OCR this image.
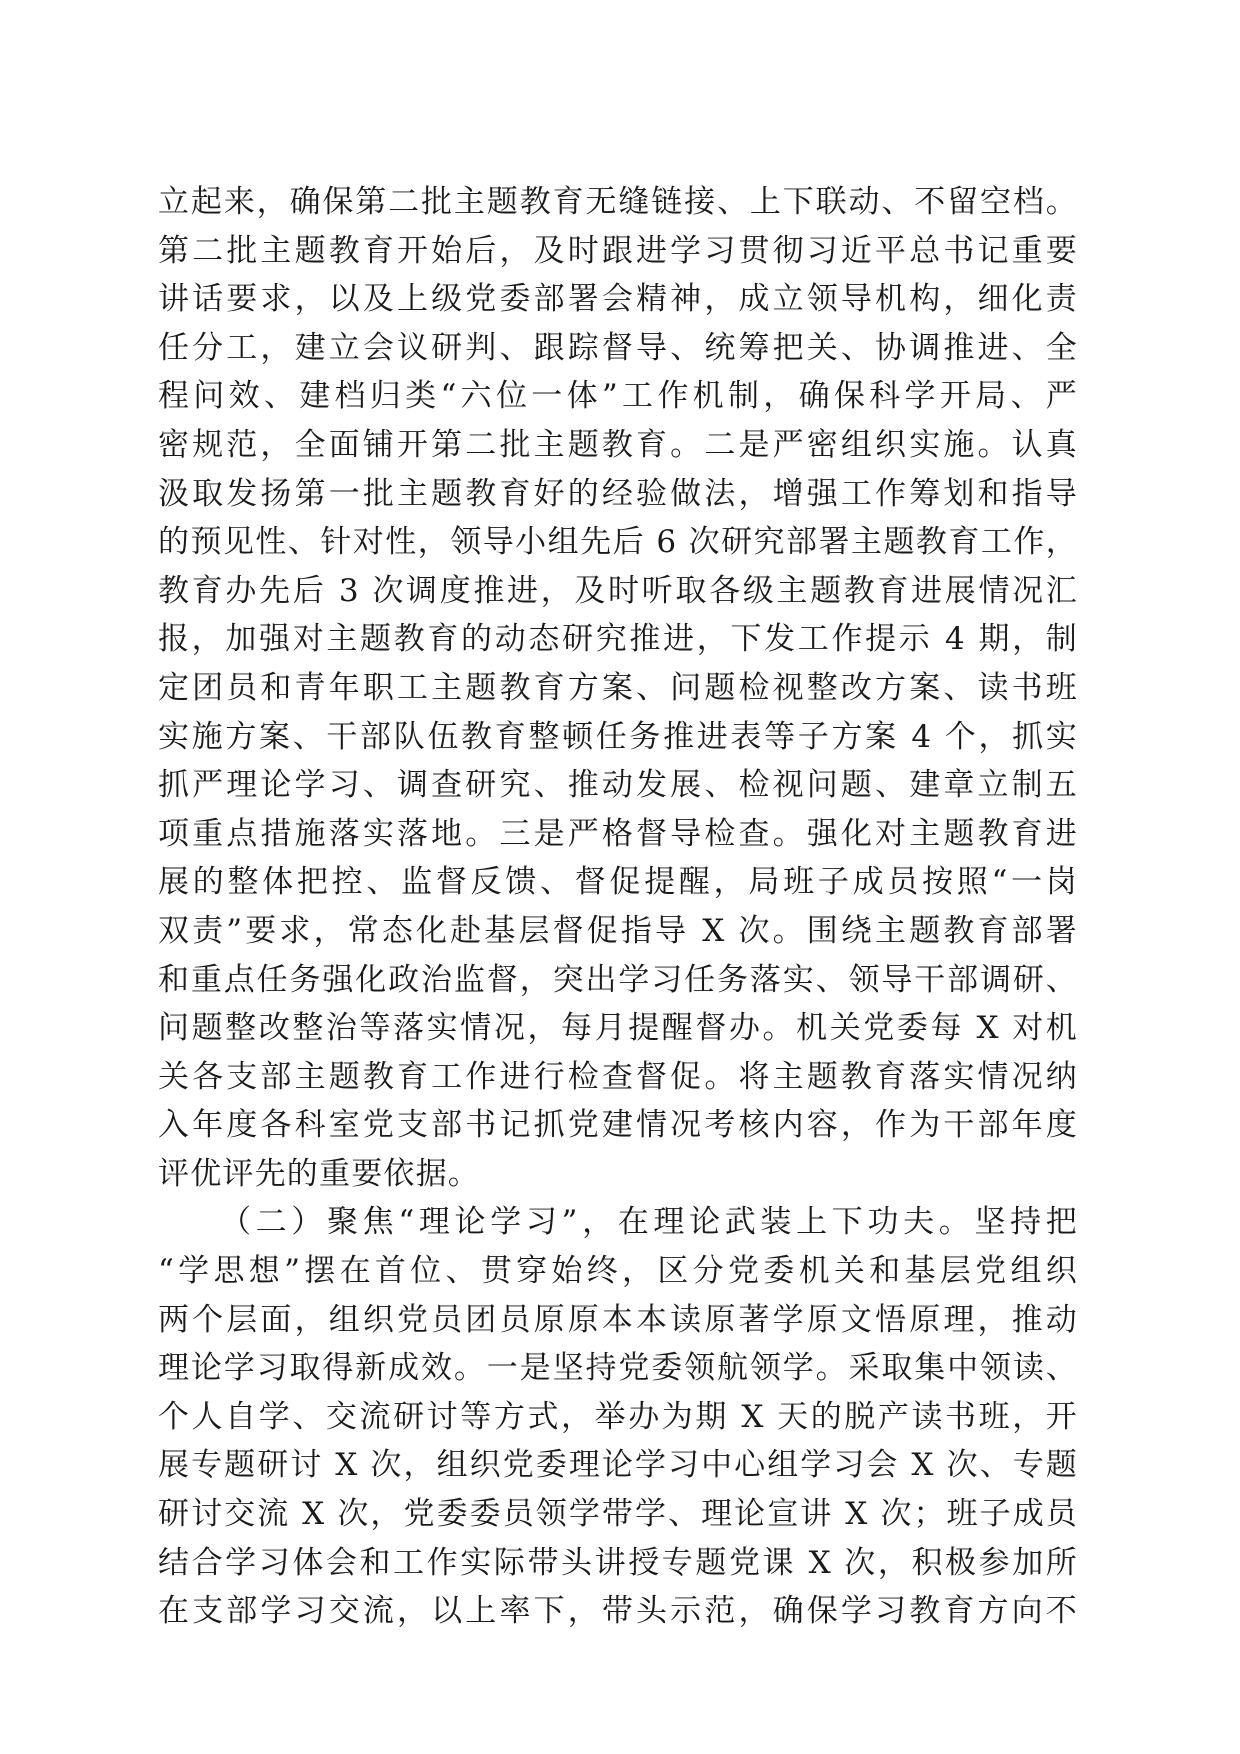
立起来，确保第二批主题教育无缝链接、上下联动、不留空档。
第二批主题教育开始后，及时跟进学习贯彻习近平总书记重要
讲话要求，以及上级党委部署会精神，成立领导机构，细化责
任分工，建立会议研判、跟踪督导、统筹把关、协调推进、全
程问效、建档归类“六位一体”工作机制，确保科学开局、严
密规范，全面铺开第二批主题教育。二是严密组织实施。认真
汲取发扬第一批主题教育好的经验做法，增强工作筹划和指导
的预见性、针对性，领导小组先后 6 次研究部署主题教育工作，
教育办先后 3 次调度推进，及时听取各级主题教育进展情况汇
报，加强对主题教育的动态研究推进，下发工作提示 4 期，制
定团员和青年职工主题教育方案、问题检视整改方案、读书班
实施方案、干部队伍教育整顿任务推进表等子方案 4 个，抓实
抓严理论学习、调查研究、推动发展、检视问题、建章立制五
项重点措施落实落地。三是严格督导检查。强化对主题教育进
展的整体把控、监督反馈、督促提醒，局班子成员按照“一岗
双责”要求，常态化赴基层督促指导 X 次。围绕主题教育部署
和重点任务强化政治监督，突出学习任务落实、领导干部调研、
问题整改整治等落实情况，每月提醒督办。机关党委每 X 对机
关各支部主题教育工作进行检查督促。将主题教育落实情况纳
入年度各科室党支部书记抓党建情况考核内容，作为干部年度
评优评先的重要依据。
（二）聚焦“理论学习”，在理论武装上下功夫。坚持把
“学思想”摆在首位、贯穿始终，区分党委机关和基层党组织
两个层面，组织党员团员原原本本读原著学原文悟原理，推动
理论学习取得新成效。一是坚持党委领航领学。采取集中领读、
个人自学、交流研讨等方式，举办为期 X 天的脱产读书班，开
展专题研讨 X 次，组织党委理论学习中心组学习会 X 次、专题
研讨交流 X 次，党委委员领学带学、理论宣讲 X 次；班子成员
结合学习体会和工作实际带头讲授专题党课 X 次，积极参加所
在支部学习交流，以上率下，带头示范，确保学习教育方向不
